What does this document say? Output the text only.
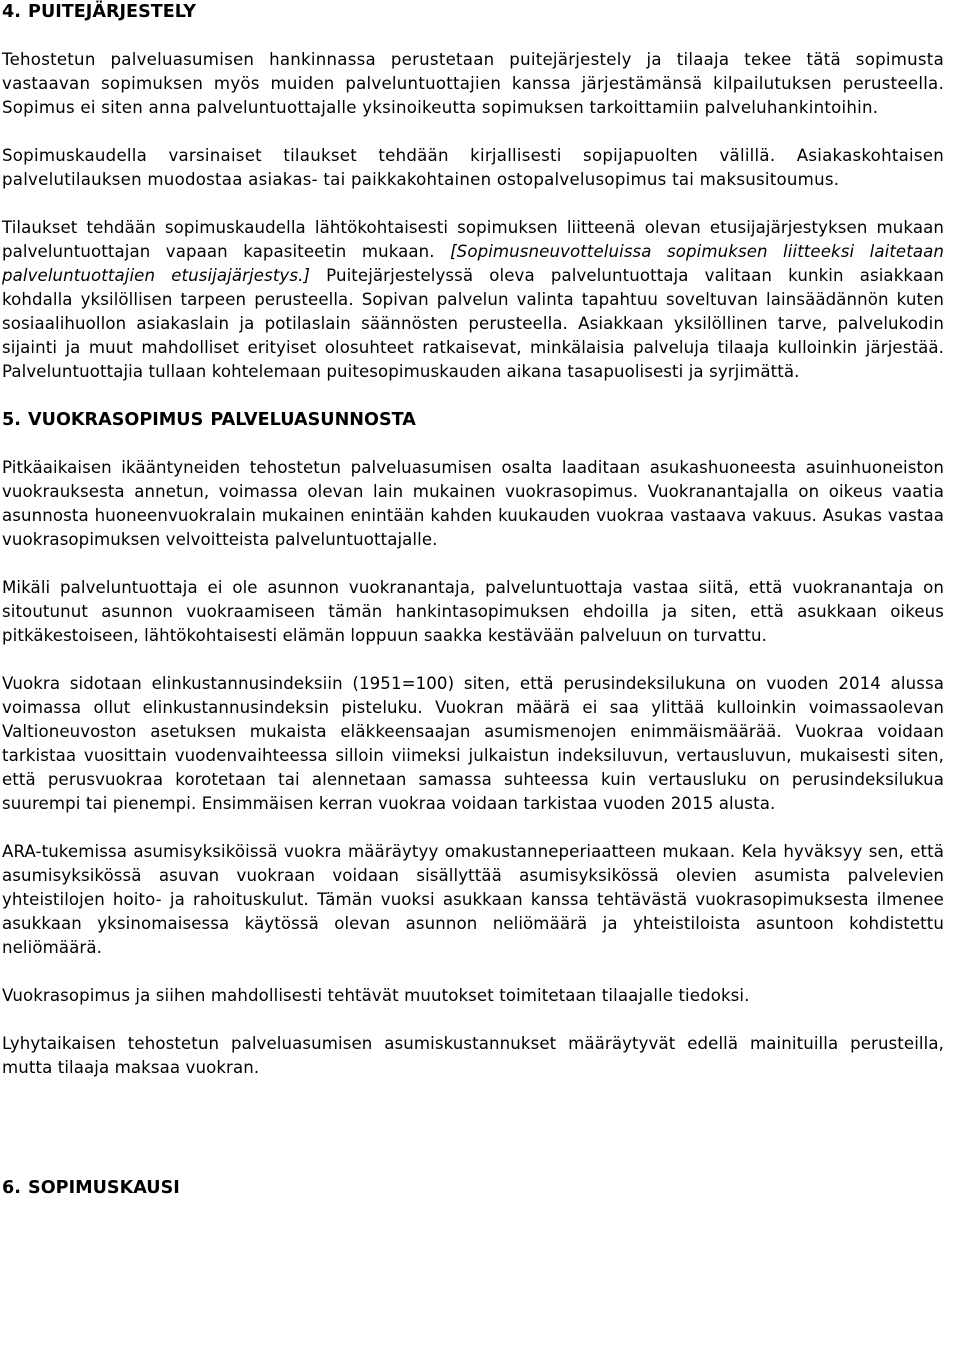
4. PUITEJÄRJESTELY

Tehostetun palveluasumisen hankinnassa perustetaan puitejärjestely ja tilaaja tekee tätä sopimusta vastaavan sopimuksen myös muiden palveluntuottajien kanssa järjestämänsä kilpailutuksen perusteella. Sopimus ei siten anna palveluntuottajalle yksinoikeutta sopimuksen tarkoittamiin palveluhankintoihin.

Sopimuskaudella varsinaiset tilaukset tehdään kirjallisesti sopijapuolten välillä. Asiakaskohtaisen palvelutilauksen muodostaa asiakas- tai paikkakohtainen ostopalvelusopimus tai maksusitoumus.

Tilaukset tehdään sopimuskaudella lähtökohtaisesti sopimuksen liitteenä olevan etusijajärjestyksen mukaan palveluntuottajan vapaan kapasiteetin mukaan. [Sopimusneuvotteluissa sopimuksen liitteeksi laitetaan palveluntuottajien etusijajärjestys.] Puitejärjestelyssä oleva palveluntuottaja valitaan kunkin asiakkaan kohdalla yksilöllisen tarpeen perusteella. Sopivan palvelun valinta tapahtuu soveltuvan lainsäädännön kuten sosiaalihuollon asiakaslain ja potilaslain säännösten perusteella. Asiakkaan yksilöllinen tarve, palvelukodin sijainti ja muut mahdolliset erityiset olosuhteet ratkaisevat, minkälaisia palveluja tilaaja kulloinkin järjestää. Palveluntuottajia tullaan kohtelemaan puitesopimuskauden aikana tasapuolisesti ja syrjimättä.

5. VUOKRASOPIMUS PALVELUASUNNOSTA

Pitkäaikaisen ikääntyneiden tehostetun palveluasumisen osalta laaditaan asukashuoneesta asuinhuoneiston vuokrauksesta annetun, voimassa olevan lain mukainen vuokrasopimus. Vuokranantajalla on oikeus vaatia asunnosta huoneenvuokralain mukainen enintään kahden kuukauden vuokraa vastaava vakuus. Asukas vastaa vuokrasopimuksen velvoitteista palveluntuottajalle.

Mikäli palveluntuottaja ei ole asunnon vuokranantaja, palveluntuottaja vastaa siitä, että vuokranantaja on sitoutunut asunnon vuokraamiseen tämän hankintasopimuksen ehdoilla ja siten, että asukkaan oikeus pitkäkestoiseen, lähtökohtaisesti elämän loppuun saakka kestävään palveluun on turvattu.

Vuokra sidotaan elinkustannusindeksiin (1951=100) siten, että perusindeksilukuna on vuoden 2014 alussa voimassa ollut elinkustannusindeksin pisteluku. Vuokran määrä ei saa ylittää kulloinkin voimassaolevan Valtioneuvoston asetuksen mukaista eläkkeensaajan asumismenojen enimmäismäärää. Vuokraa voidaan tarkistaa vuosittain vuodenvaihteessa silloin viimeksi julkaistun indeksiluvun, vertausluvun, mukaisesti siten, että perusvuokraa korotetaan tai alennetaan samassa suhteessa kuin vertausluku on perusindeksilukua suurempi tai pienempi. Ensimmäisen kerran vuokraa voidaan tarkistaa vuoden 2015 alusta.

ARA-tukemissa asumisyksiköissä vuokra määräytyy omakustanneperiaatteen mukaan. Kela hyväksyy sen, että asumisyksikössä asuvan vuokraan voidaan sisällyttää asumisyksikössä olevien asumista palvelevien yhteistilojen hoito- ja rahoituskulut. Tämän vuoksi asukkaan kanssa tehtävästä vuokrasopimuksesta ilmenee asukkaan yksinomaisessa käytössä olevan asunnon neliömäärä ja yhteistiloista asuntoon kohdistettu neliömäärä.

Vuokrasopimus ja siihen mahdollisesti tehtävät muutokset toimitetaan tilaajalle tiedoksi.

Lyhytaikaisen tehostetun palveluasumisen asumiskustannukset määräytyvät edellä mainituilla perusteilla, mutta tilaaja maksaa vuokran.

6. SOPIMUSKAUSI
